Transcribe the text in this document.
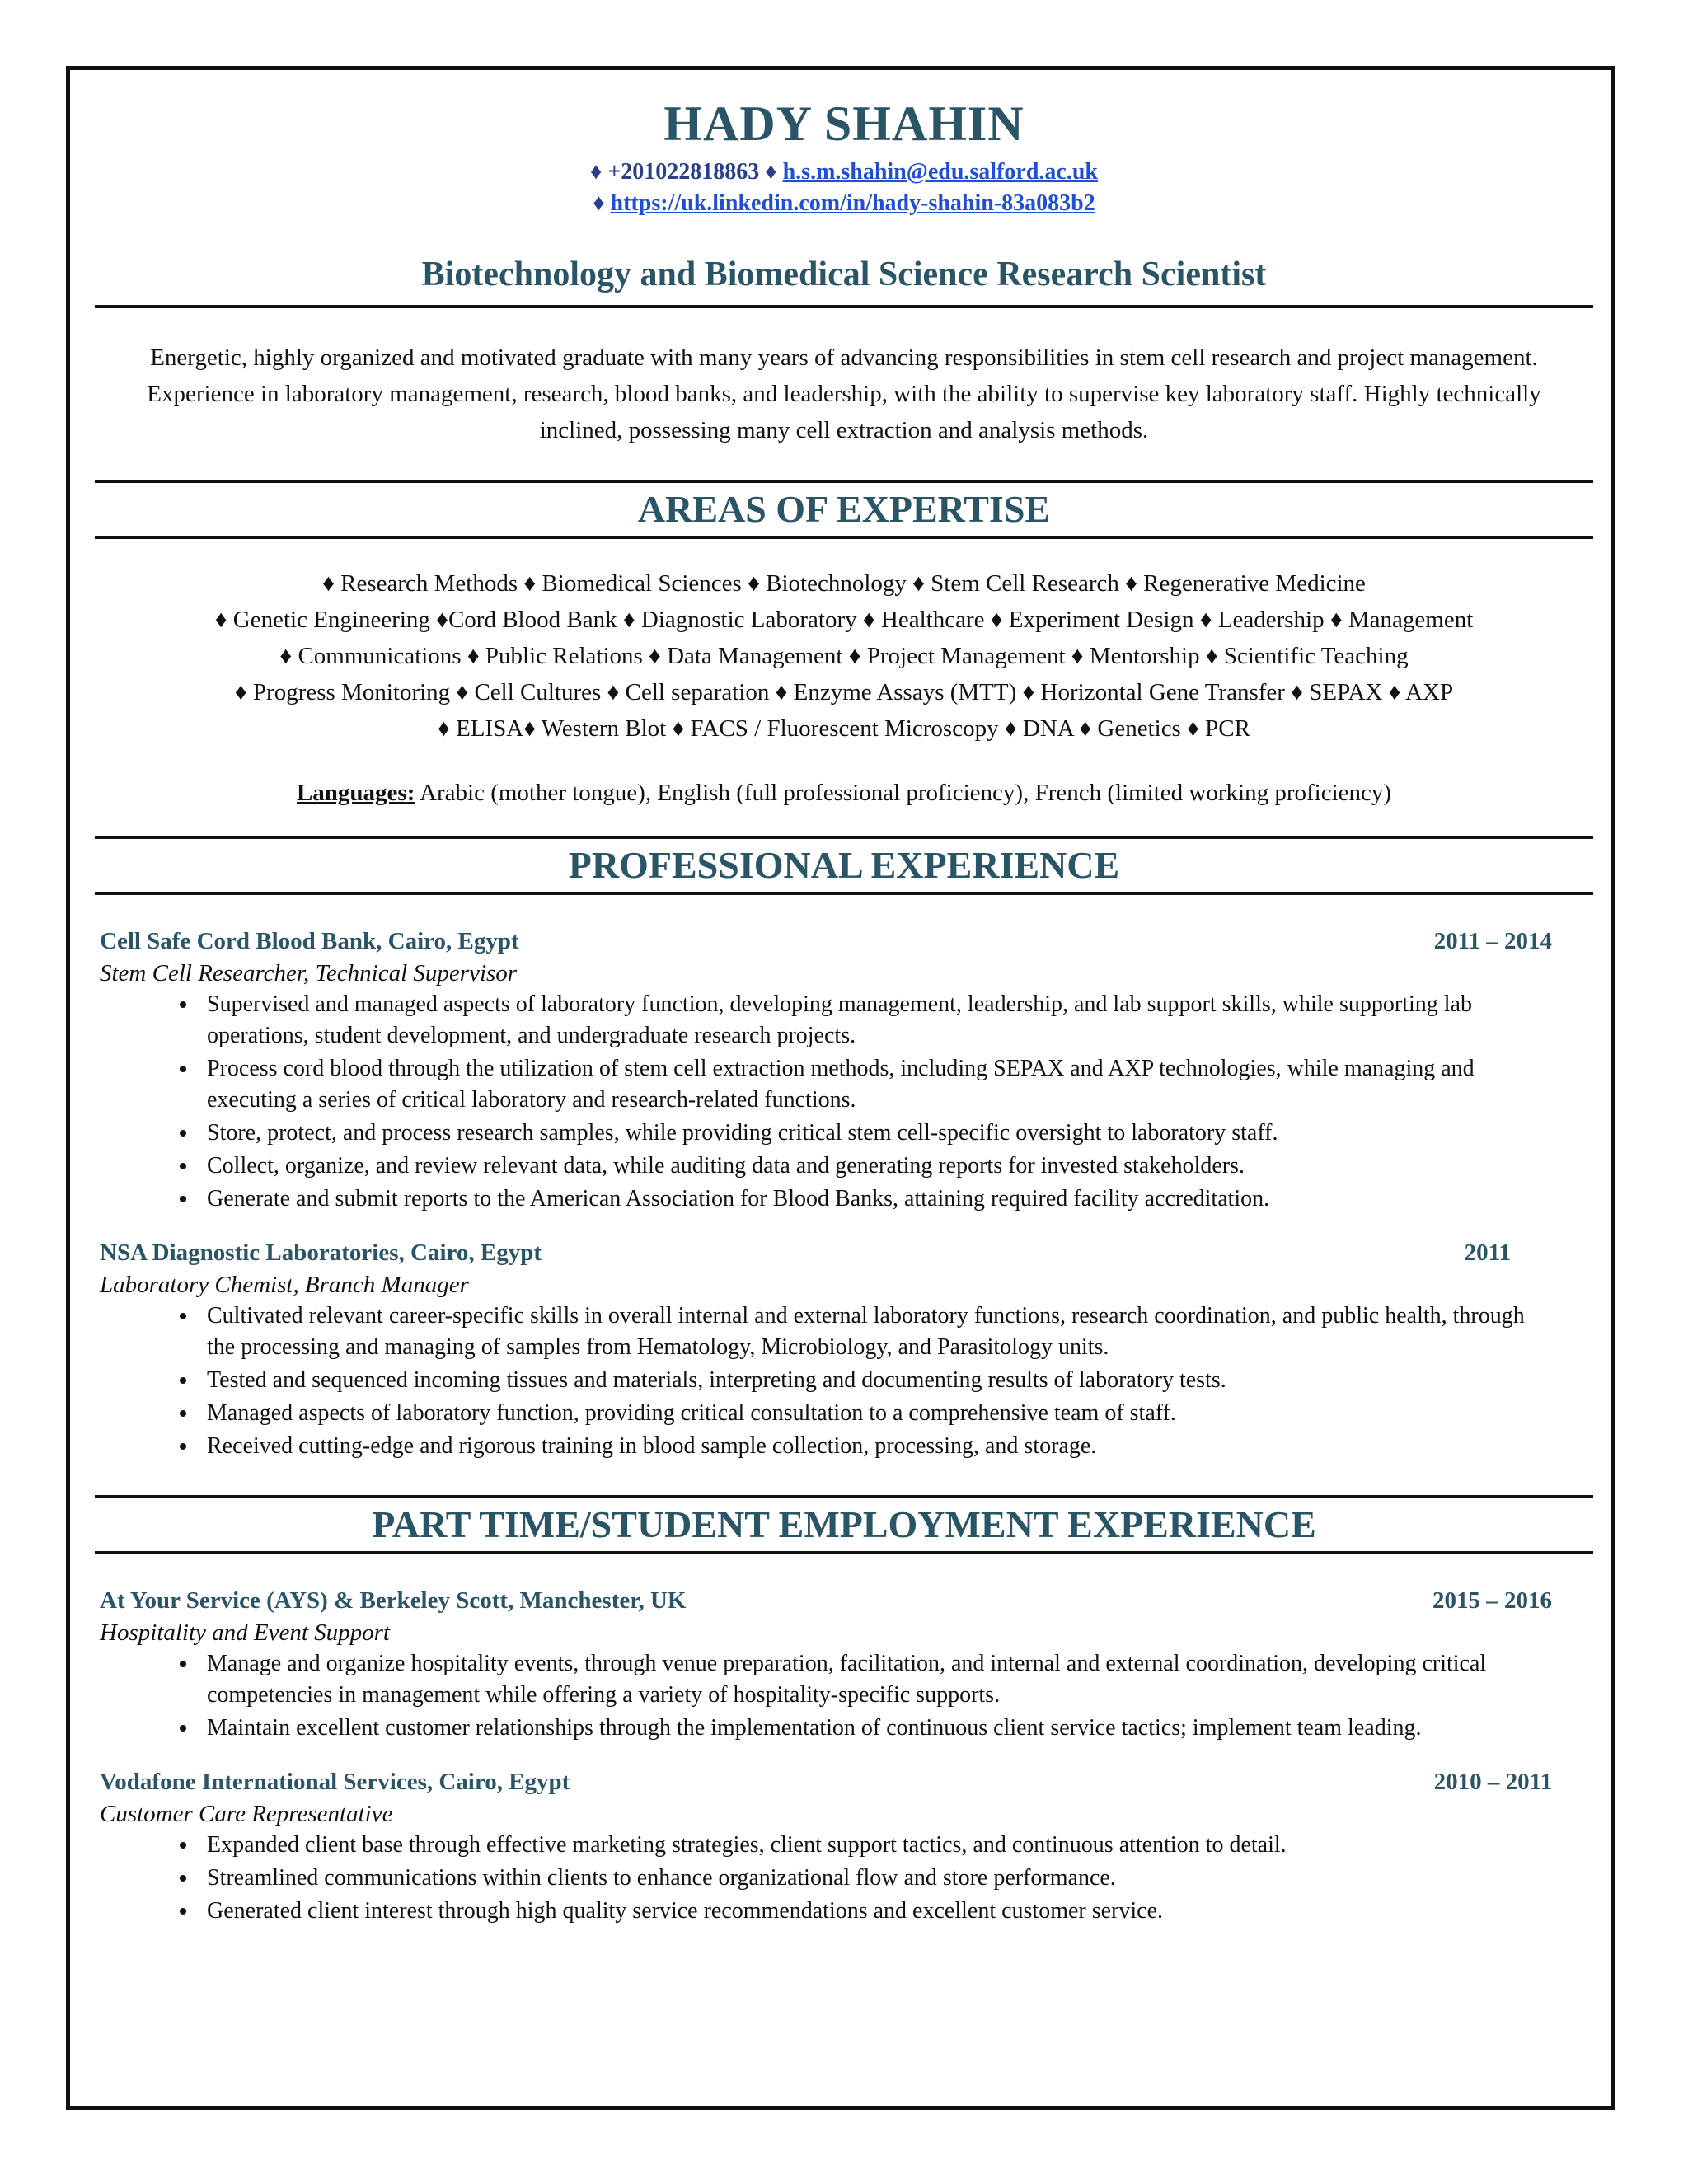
HADY SHAHIN
♦ +201022818863 ♦ h.s.m.shahin@edu.salford.ac.uk
♦ https://uk.linkedin.com/in/hady-shahin-83a083b2
Biotechnology and Biomedical Science Research Scientist
Energetic, highly organized and motivated graduate with many years of advancing responsibilities in stem cell research and project management. Experience in laboratory management, research, blood banks, and leadership, with the ability to supervise key laboratory staff. Highly technically inclined, possessing many cell extraction and analysis methods.
AREAS OF EXPERTISE
♦ Research Methods ♦ Biomedical Sciences ♦ Biotechnology ♦ Stem Cell Research ♦ Regenerative Medicine
♦ Genetic Engineering ♦Cord Blood Bank ♦ Diagnostic Laboratory ♦ Healthcare ♦ Experiment Design ♦ Leadership ♦ Management
♦ Communications ♦ Public Relations ♦ Data Management ♦ Project Management ♦ Mentorship ♦ Scientific Teaching
♦ Progress Monitoring ♦ Cell Cultures ♦ Cell separation ♦ Enzyme Assays (MTT) ♦ Horizontal Gene Transfer ♦ SEPAX ♦ AXP
♦ ELISA♦ Western Blot ♦ FACS / Fluorescent Microscopy ♦ DNA ♦ Genetics ♦ PCR
Languages: Arabic (mother tongue), English (full professional proficiency), French (limited working proficiency)
PROFESSIONAL EXPERIENCE
Cell Safe Cord Blood Bank, Cairo, Egypt	2011 – 2014
Stem Cell Researcher, Technical Supervisor
• Supervised and managed aspects of laboratory function, developing management, leadership, and lab support skills, while supporting lab operations, student development, and undergraduate research projects.
• Process cord blood through the utilization of stem cell extraction methods, including SEPAX and AXP technologies, while managing and executing a series of critical laboratory and research-related functions.
• Store, protect, and process research samples, while providing critical stem cell-specific oversight to laboratory staff.
• Collect, organize, and review relevant data, while auditing data and generating reports for invested stakeholders.
• Generate and submit reports to the American Association for Blood Banks, attaining required facility accreditation.
NSA Diagnostic Laboratories, Cairo, Egypt	2011
Laboratory Chemist, Branch Manager
• Cultivated relevant career-specific skills in overall internal and external laboratory functions, research coordination, and public health, through the processing and managing of samples from Hematology, Microbiology, and Parasitology units.
• Tested and sequenced incoming tissues and materials, interpreting and documenting results of laboratory tests.
• Managed aspects of laboratory function, providing critical consultation to a comprehensive team of staff.
• Received cutting-edge and rigorous training in blood sample collection, processing, and storage.
PART TIME/STUDENT EMPLOYMENT EXPERIENCE
At Your Service (AYS) & Berkeley Scott, Manchester, UK	2015 – 2016
Hospitality and Event Support
• Manage and organize hospitality events, through venue preparation, facilitation, and internal and external coordination, developing critical competencies in management while offering a variety of hospitality-specific supports.
• Maintain excellent customer relationships through the implementation of continuous client service tactics; implement team leading.
Vodafone International Services, Cairo, Egypt	2010 – 2011
Customer Care Representative
• Expanded client base through effective marketing strategies, client support tactics, and continuous attention to detail.
• Streamlined communications within clients to enhance organizational flow and store performance.
• Generated client interest through high quality service recommendations and excellent customer service.
